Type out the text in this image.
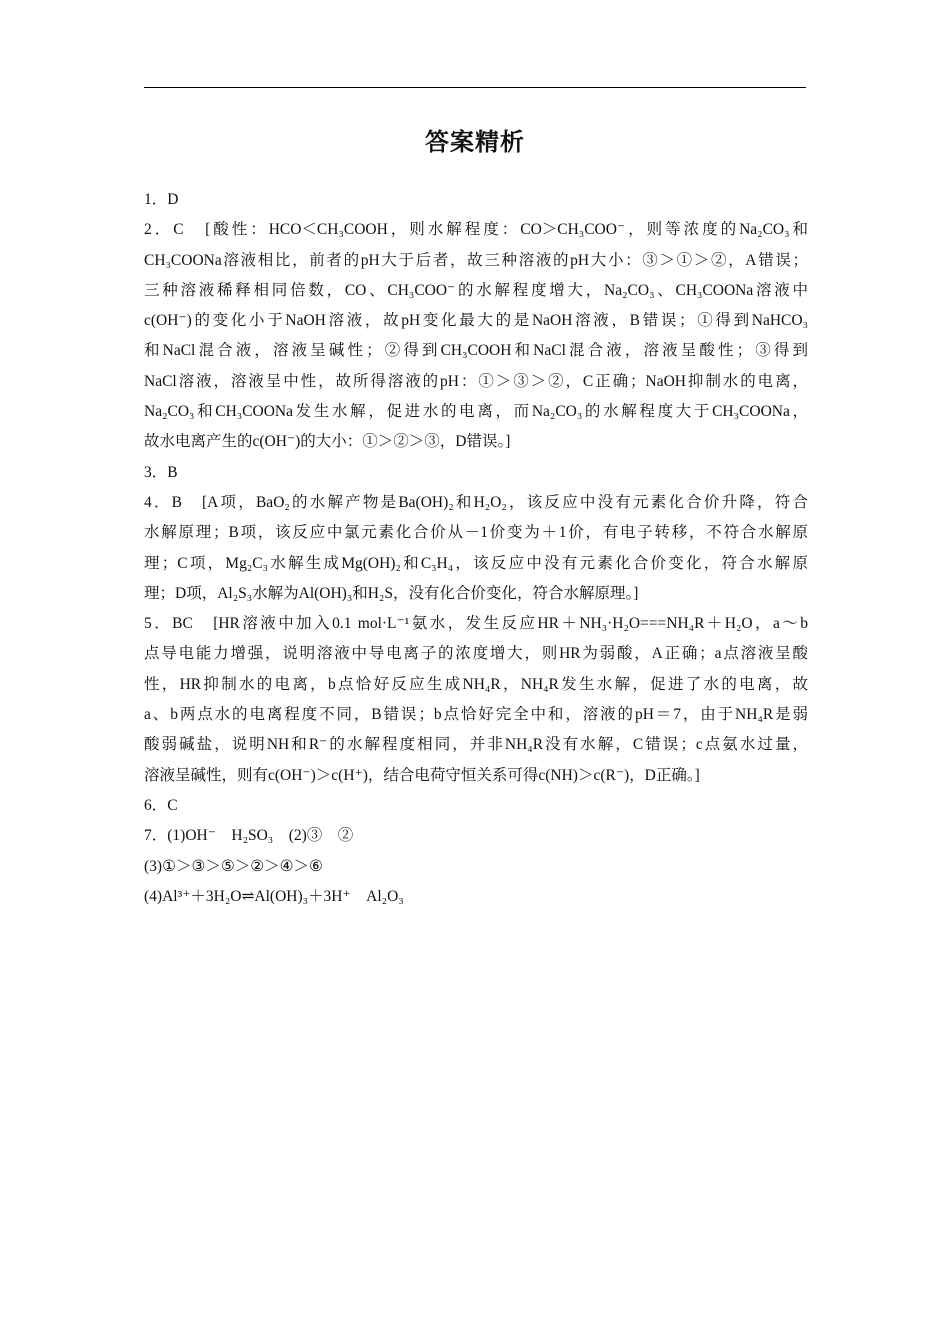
答案精析
1．D
2．C　[酸性：HCO＜CH₃COOH，则水解程度：CO＞CH₃COO⁻，则等浓度的Na₂CO₃和
CH₃COONa溶液相比，前者的pH大于后者，故三种溶液的pH大小：③＞①＞②，A错误；
三种溶液稀释相同倍数，CO、CH₃COO⁻的水解程度增大，Na₂CO₃、CH₃COONa溶液中
c(OH⁻)的变化小于NaOH溶液，故pH变化最大的是NaOH溶液，B错误；①得到NaHCO₃
和NaCl混合液，溶液呈碱性；②得到CH₃COOH和NaCl混合液，溶液呈酸性；③得到
NaCl溶液，溶液呈中性，故所得溶液的pH：①＞③＞②，C正确；NaOH抑制水的电离，
Na₂CO₃和CH₃COONa发生水解，促进水的电离，而Na₂CO₃的水解程度大于CH₃COONa，
故水电离产生的c(OH⁻)的大小：①＞②＞③，D错误。]
3．B
4．B　[A项，BaO₂的水解产物是Ba(OH)₂和H₂O₂，该反应中没有元素化合价升降，符合
水解原理；B项，该反应中氯元素化合价从－1价变为＋1价，有电子转移，不符合水解原
理；C项，Mg₂C₃水解生成Mg(OH)₂和C₃H₄，该反应中没有元素化合价变化，符合水解原
理；D项，Al₂S₃水解为Al(OH)₃和H₂S，没有化合价变化，符合水解原理。]
5．BC　[HR溶液中加入0.1 mol·L⁻¹氨水，发生反应HR＋NH₃·H₂O===NH₄R＋H₂O，a～b
点导电能力增强，说明溶液中导电离子的浓度增大，则HR为弱酸，A正确；a点溶液呈酸
性，HR抑制水的电离，b点恰好反应生成NH₄R，NH₄R发生水解，促进了水的电离，故
a、b两点水的电离程度不同，B错误；b点恰好完全中和，溶液的pH＝7，由于NH₄R是弱
酸弱碱盐，说明NH和R⁻的水解程度相同，并非NH₄R没有水解，C错误；c点氨水过量，
溶液呈碱性，则有c(OH⁻)＞c(H⁺)，结合电荷守恒关系可得c(NH)＞c(R⁻)，D正确。]
6．C
7．(1)OH⁻　H₂SO₃　(2)③　②
(3)①＞③＞⑤＞②＞④＞⑥
(4)Al³⁺＋3H₂O⇌Al(OH)₃＋3H⁺　Al₂O₃
